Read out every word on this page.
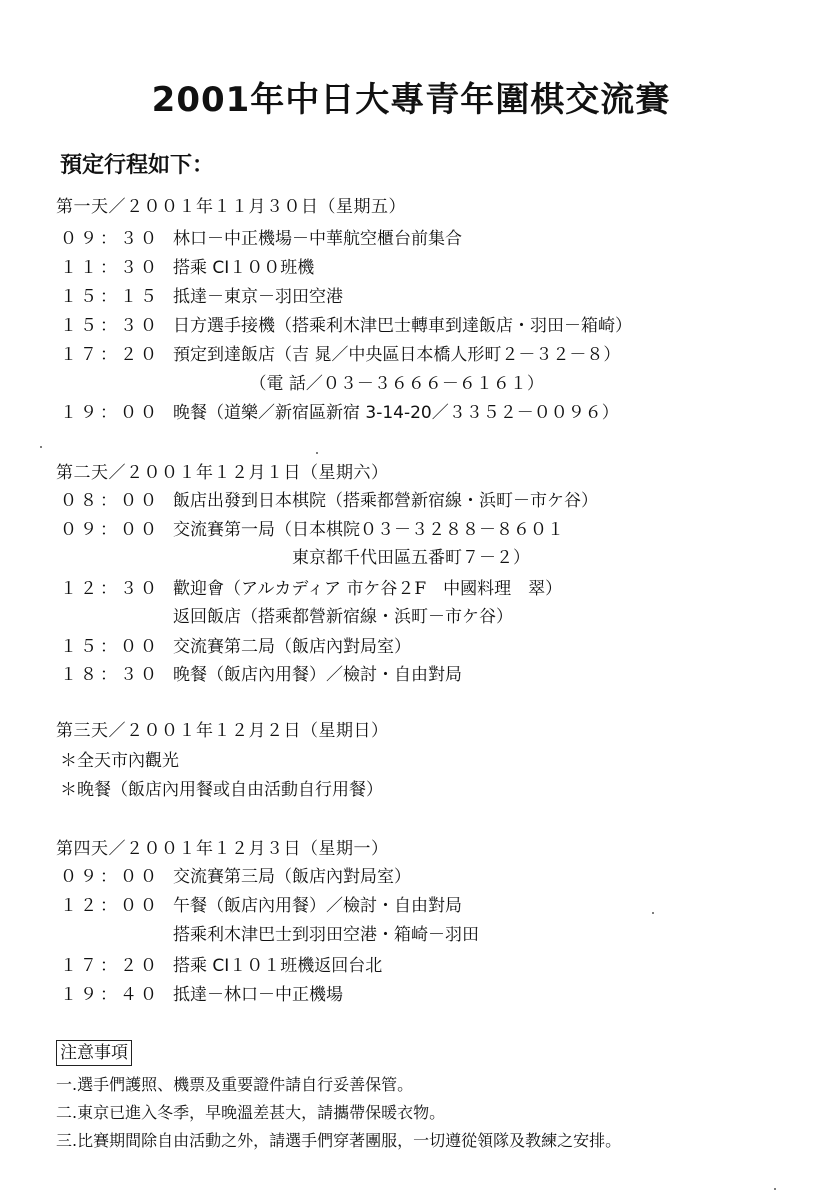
2001年中日大專青年圍棋交流賽
預定行程如下：
第一天／２００１年１１月３０日（星期五）
０９：３０ 林口－中正機場－中華航空櫃台前集合
１１：３０ 搭乘 CI１００班機
１５：１５ 抵達－東京－羽田空港
１５：３０ 日方選手接機（搭乘利木津巴士轉車到達飯店・羽田－箱崎）
１７：２０ 預定到達飯店（吉 晁／中央區日本橋人形町２－３２－８）
　　　　　（電 話／０３－３６６６－６１６１）
１９：００ 晚餐（道樂／新宿區新宿 3-14-20／３３５２－００９６）
第二天／２００１年１２月１日（星期六）
０８：００ 飯店出發到日本棋院（搭乘都營新宿線・浜町－市ケ谷）
０９：００ 交流賽第一局（日本棋院０３－３２８８－８６０１
　　　　　　　東京都千代田區五番町７－２）
１２：３０ 歡迎會（アルカディア 市ケ谷２F　中國料理　翠）
返回飯店（搭乘都營新宿線・浜町－市ケ谷）
１５：００ 交流賽第二局（飯店內對局室）
１８：３０ 晚餐（飯店內用餐）／檢討・自由對局
第三天／２００１年１２月２日（星期日）
＊全天市內觀光
＊晚餐（飯店內用餐或自由活動自行用餐）
第四天／２００１年１２月３日（星期一）
０９：００ 交流賽第三局（飯店內對局室）
１２：００ 午餐（飯店內用餐）／檢討・自由對局
搭乘利木津巴士到羽田空港・箱崎－羽田
１７：２０ 搭乘 CI１０１班機返回台北
１９：４０ 抵達－林口－中正機場
注意事項
一.選手們護照、機票及重要證件請自行妥善保管。
二.東京已進入冬季，早晚溫差甚大，請攜帶保暖衣物。
三.比賽期間除自由活動之外，請選手們穿著團服，一切遵從領隊及教練之安排。
